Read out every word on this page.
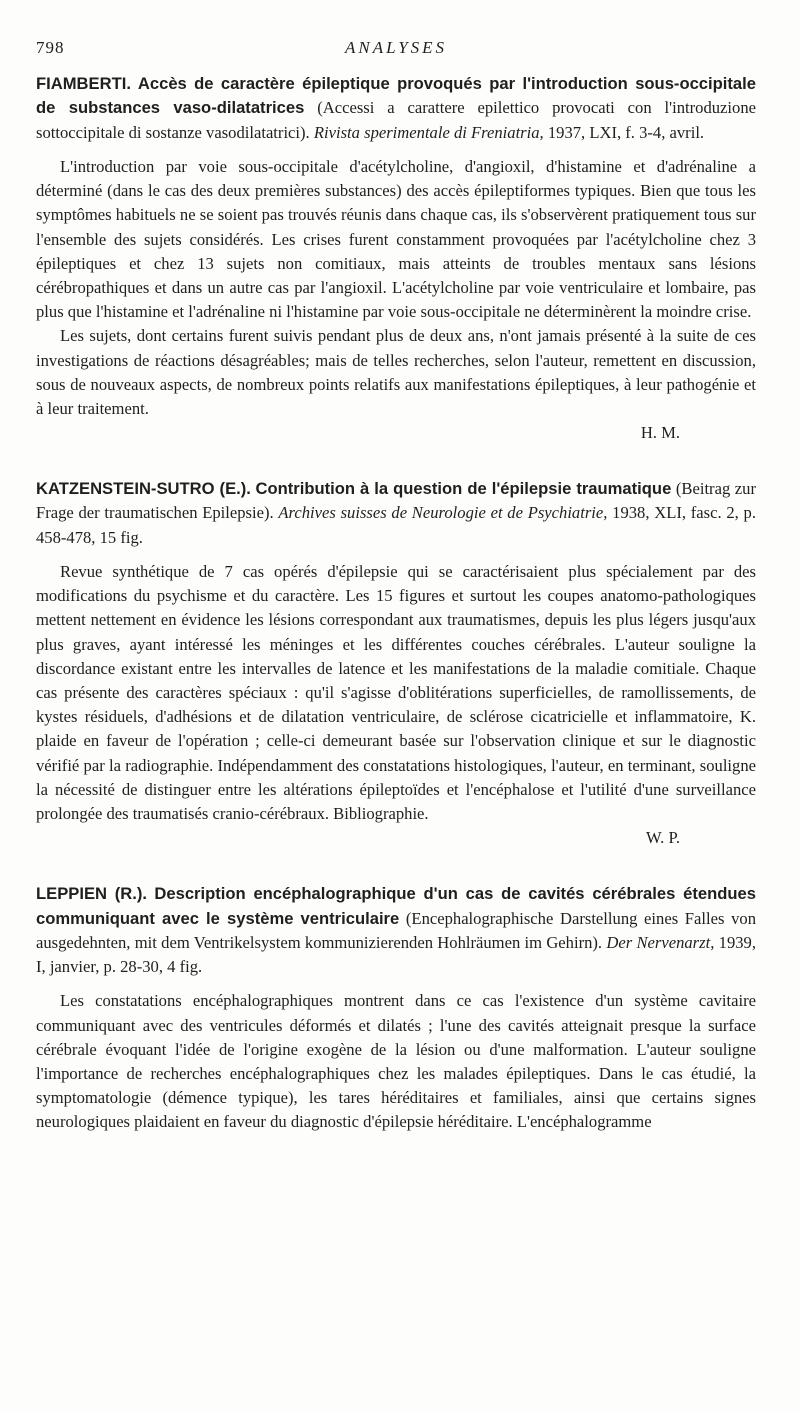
798	ANALYSES

FIAMBERTI. Accès de caractère épileptique provoqués par l'introduction sous-occipitale de substances vaso-dilatatrices (Accessi a carattere epilettico provocati con l'introduzione sottoccipitale di sostanze vasodilatatrici). Rivista sperimentale di Freniatria, 1937, LXI, f. 3-4, avril.

L'introduction par voie sous-occipitale d'acétylcholine, d'angioxil, d'histamine et d'adrénaline a déterminé (dans le cas des deux premières substances) des accès épileptiformes typiques. Bien que tous les symptômes habituels ne se soient pas trouvés réunis dans chaque cas, ils s'observèrent pratiquement tous sur l'ensemble des sujets considérés. Les crises furent constamment provoquées par l'acétylcholine chez 3 épileptiques et chez 13 sujets non comitiaux, mais atteints de troubles mentaux sans lésions cérébropathiques et dans un autre cas par l'angioxil. L'acétylcholine par voie ventriculaire et lombaire, pas plus que l'histamine et l'adrénaline ni l'histamine par voie sous-occipitale ne déterminèrent la moindre crise.

Les sujets, dont certains furent suivis pendant plus de deux ans, n'ont jamais présenté à la suite de ces investigations de réactions désagréables; mais de telles recherches, selon l'auteur, remettent en discussion, sous de nouveaux aspects, de nombreux points relatifs aux manifestations épileptiques, à leur pathogénie et à leur traitement.

H. M.

KATZENSTEIN-SUTRO (E.). Contribution à la question de l'épilepsie traumatique (Beitrag zur Frage der traumatischen Epilepsie). Archives suisses de Neurologie et de Psychiatrie, 1938, XLI, fasc. 2, p. 458-478, 15 fig.

Revue synthétique de 7 cas opérés d'épilepsie qui se caractérisaient plus spécialement par des modifications du psychisme et du caractère. Les 15 figures et surtout les coupes anatomo-pathologiques mettent nettement en évidence les lésions correspondant aux traumatismes, depuis les plus légers jusqu'aux plus graves, ayant intéressé les méninges et les différentes couches cérébrales. L'auteur souligne la discordance existant entre les intervalles de latence et les manifestations de la maladie comitiale. Chaque cas présente des caractères spéciaux : qu'il s'agisse d'oblitérations superficielles, de ramollissements, de kystes résiduels, d'adhésions et de dilatation ventriculaire, de sclérose cicatricielle et inflammatoire, K. plaide en faveur de l'opération ; celle-ci demeurant basée sur l'observation clinique et sur le diagnostic vérifié par la radiographie. Indépendamment des constatations histologiques, l'auteur, en terminant, souligne la nécessité de distinguer entre les altérations épileptoïdes et l'encéphalose et l'utilité d'une surveillance prolongée des traumatisés cranio-cérébraux. Bibliographie.

W. P.

LEPPIEN (R.). Description encéphalographique d'un cas de cavités cérébrales étendues communiquant avec le système ventriculaire (Encephalographische Darstellung eines Falles von ausgedehnten, mit dem Ventrikelsystem kommunizierenden Hohlräumen im Gehirn). Der Nervenarzt, 1939, I, janvier, p. 28-30, 4 fig.

Les constatations encéphalographiques montrent dans ce cas l'existence d'un système cavitaire communiquant avec des ventricules déformés et dilatés ; l'une des cavités atteignait presque la surface cérébrale évoquant l'idée de l'origine exogène de la lésion ou d'une malformation. L'auteur souligne l'importance de recherches encéphalographiques chez les malades épileptiques. Dans le cas étudié, la symptomatologie (démence typique), les tares héréditaires et familiales, ainsi que certains signes neurologiques plaidaient en faveur du diagnostic d'épilepsie héréditaire. L'encéphalogramme
